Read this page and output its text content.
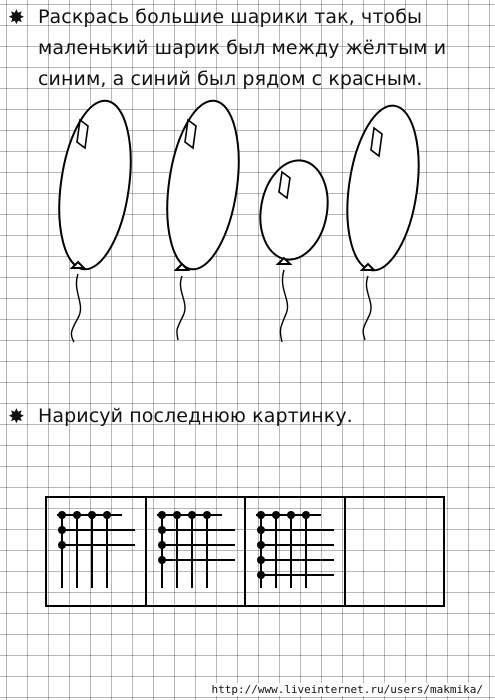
✸ Раскрась большие шарики так, чтобы маленький шарик был между жёлтым и синим, а синий был рядом с красным.
✸ Нарисуй последнюю картинку.
http://www.liveinternet.ru/users/makmika/
